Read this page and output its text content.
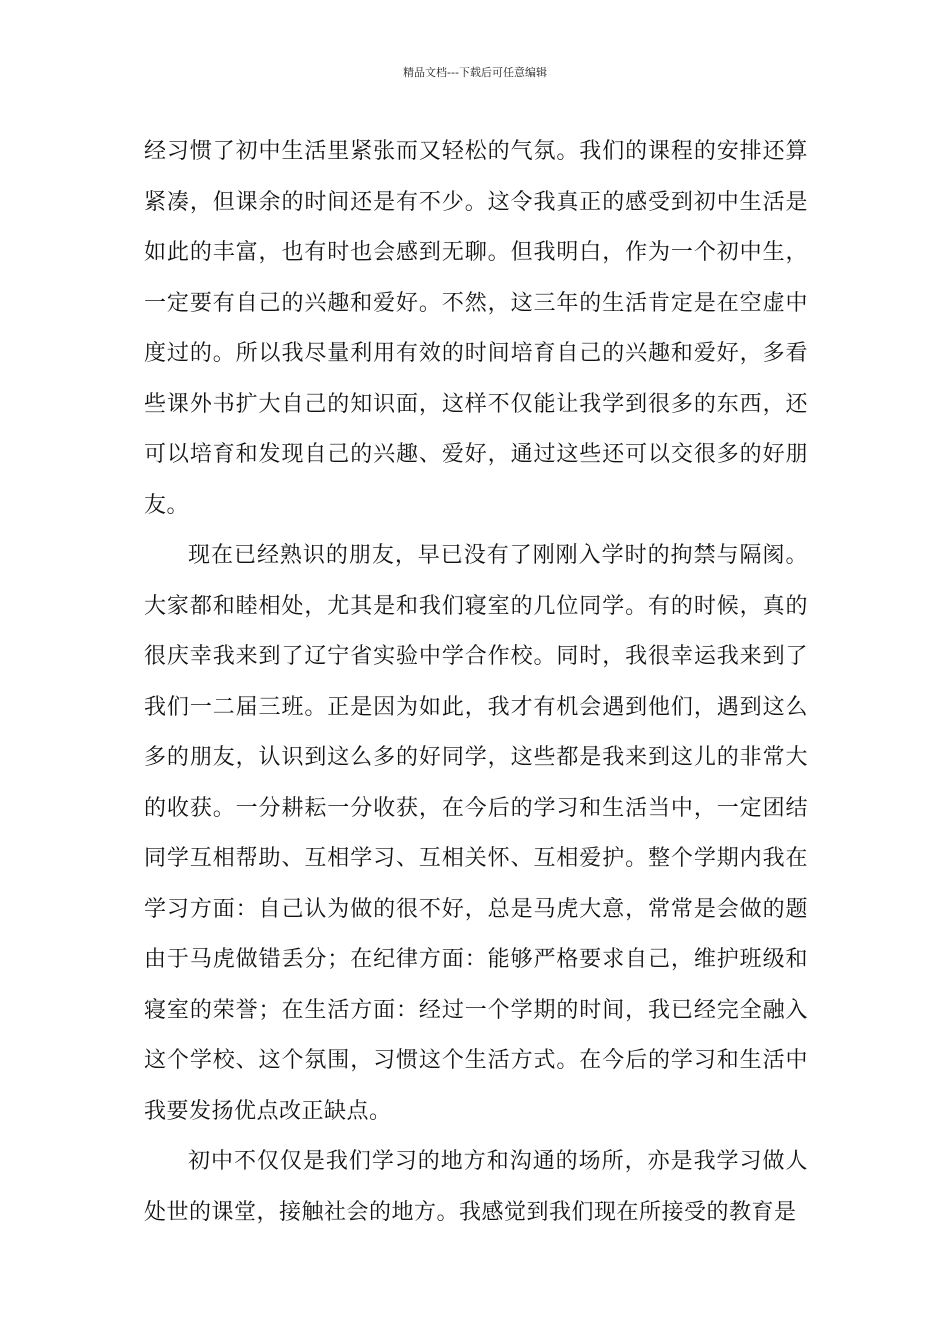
精品文档---下载后可任意编辑

经习惯了初中生活里紧张而又轻松的气氛。我们的课程的安排还算紧凑，但课余的时间还是有不少。这令我真正的感受到初中生活是如此的丰富，也有时也会感到无聊。但我明白，作为一个初中生，一定要有自己的兴趣和爱好。不然，这三年的生活肯定是在空虚中度过的。所以我尽量利用有效的时间培育自己的兴趣和爱好，多看些课外书扩大自己的知识面，这样不仅能让我学到很多的东西，还可以培育和发现自己的兴趣、爱好，通过这些还可以交很多的好朋友。

现在已经熟识的朋友，早已没有了刚刚入学时的拘禁与隔阂。大家都和睦相处，尤其是和我们寝室的几位同学。有的时候，真的很庆幸我来到了辽宁省实验中学合作校。同时，我很幸运我来到了我们一二届三班。正是因为如此，我才有机会遇到他们，遇到这么多的朋友，认识到这么多的好同学，这些都是我来到这儿的非常大的收获。一分耕耘一分收获，在今后的学习和生活当中，一定团结同学互相帮助、互相学习、互相关怀、互相爱护。整个学期内我在学习方面：自己认为做的很不好，总是马虎大意，常常是会做的题由于马虎做错丢分；在纪律方面：能够严格要求自己，维护班级和寝室的荣誉；在生活方面：经过一个学期的时间，我已经完全融入这个学校、这个氛围，习惯这个生活方式。在今后的学习和生活中我要发扬优点改正缺点。

初中不仅仅是我们学习的地方和沟通的场所，亦是我学习做人处世的课堂，接触社会的地方。我感觉到我们现在所接受的教育是
